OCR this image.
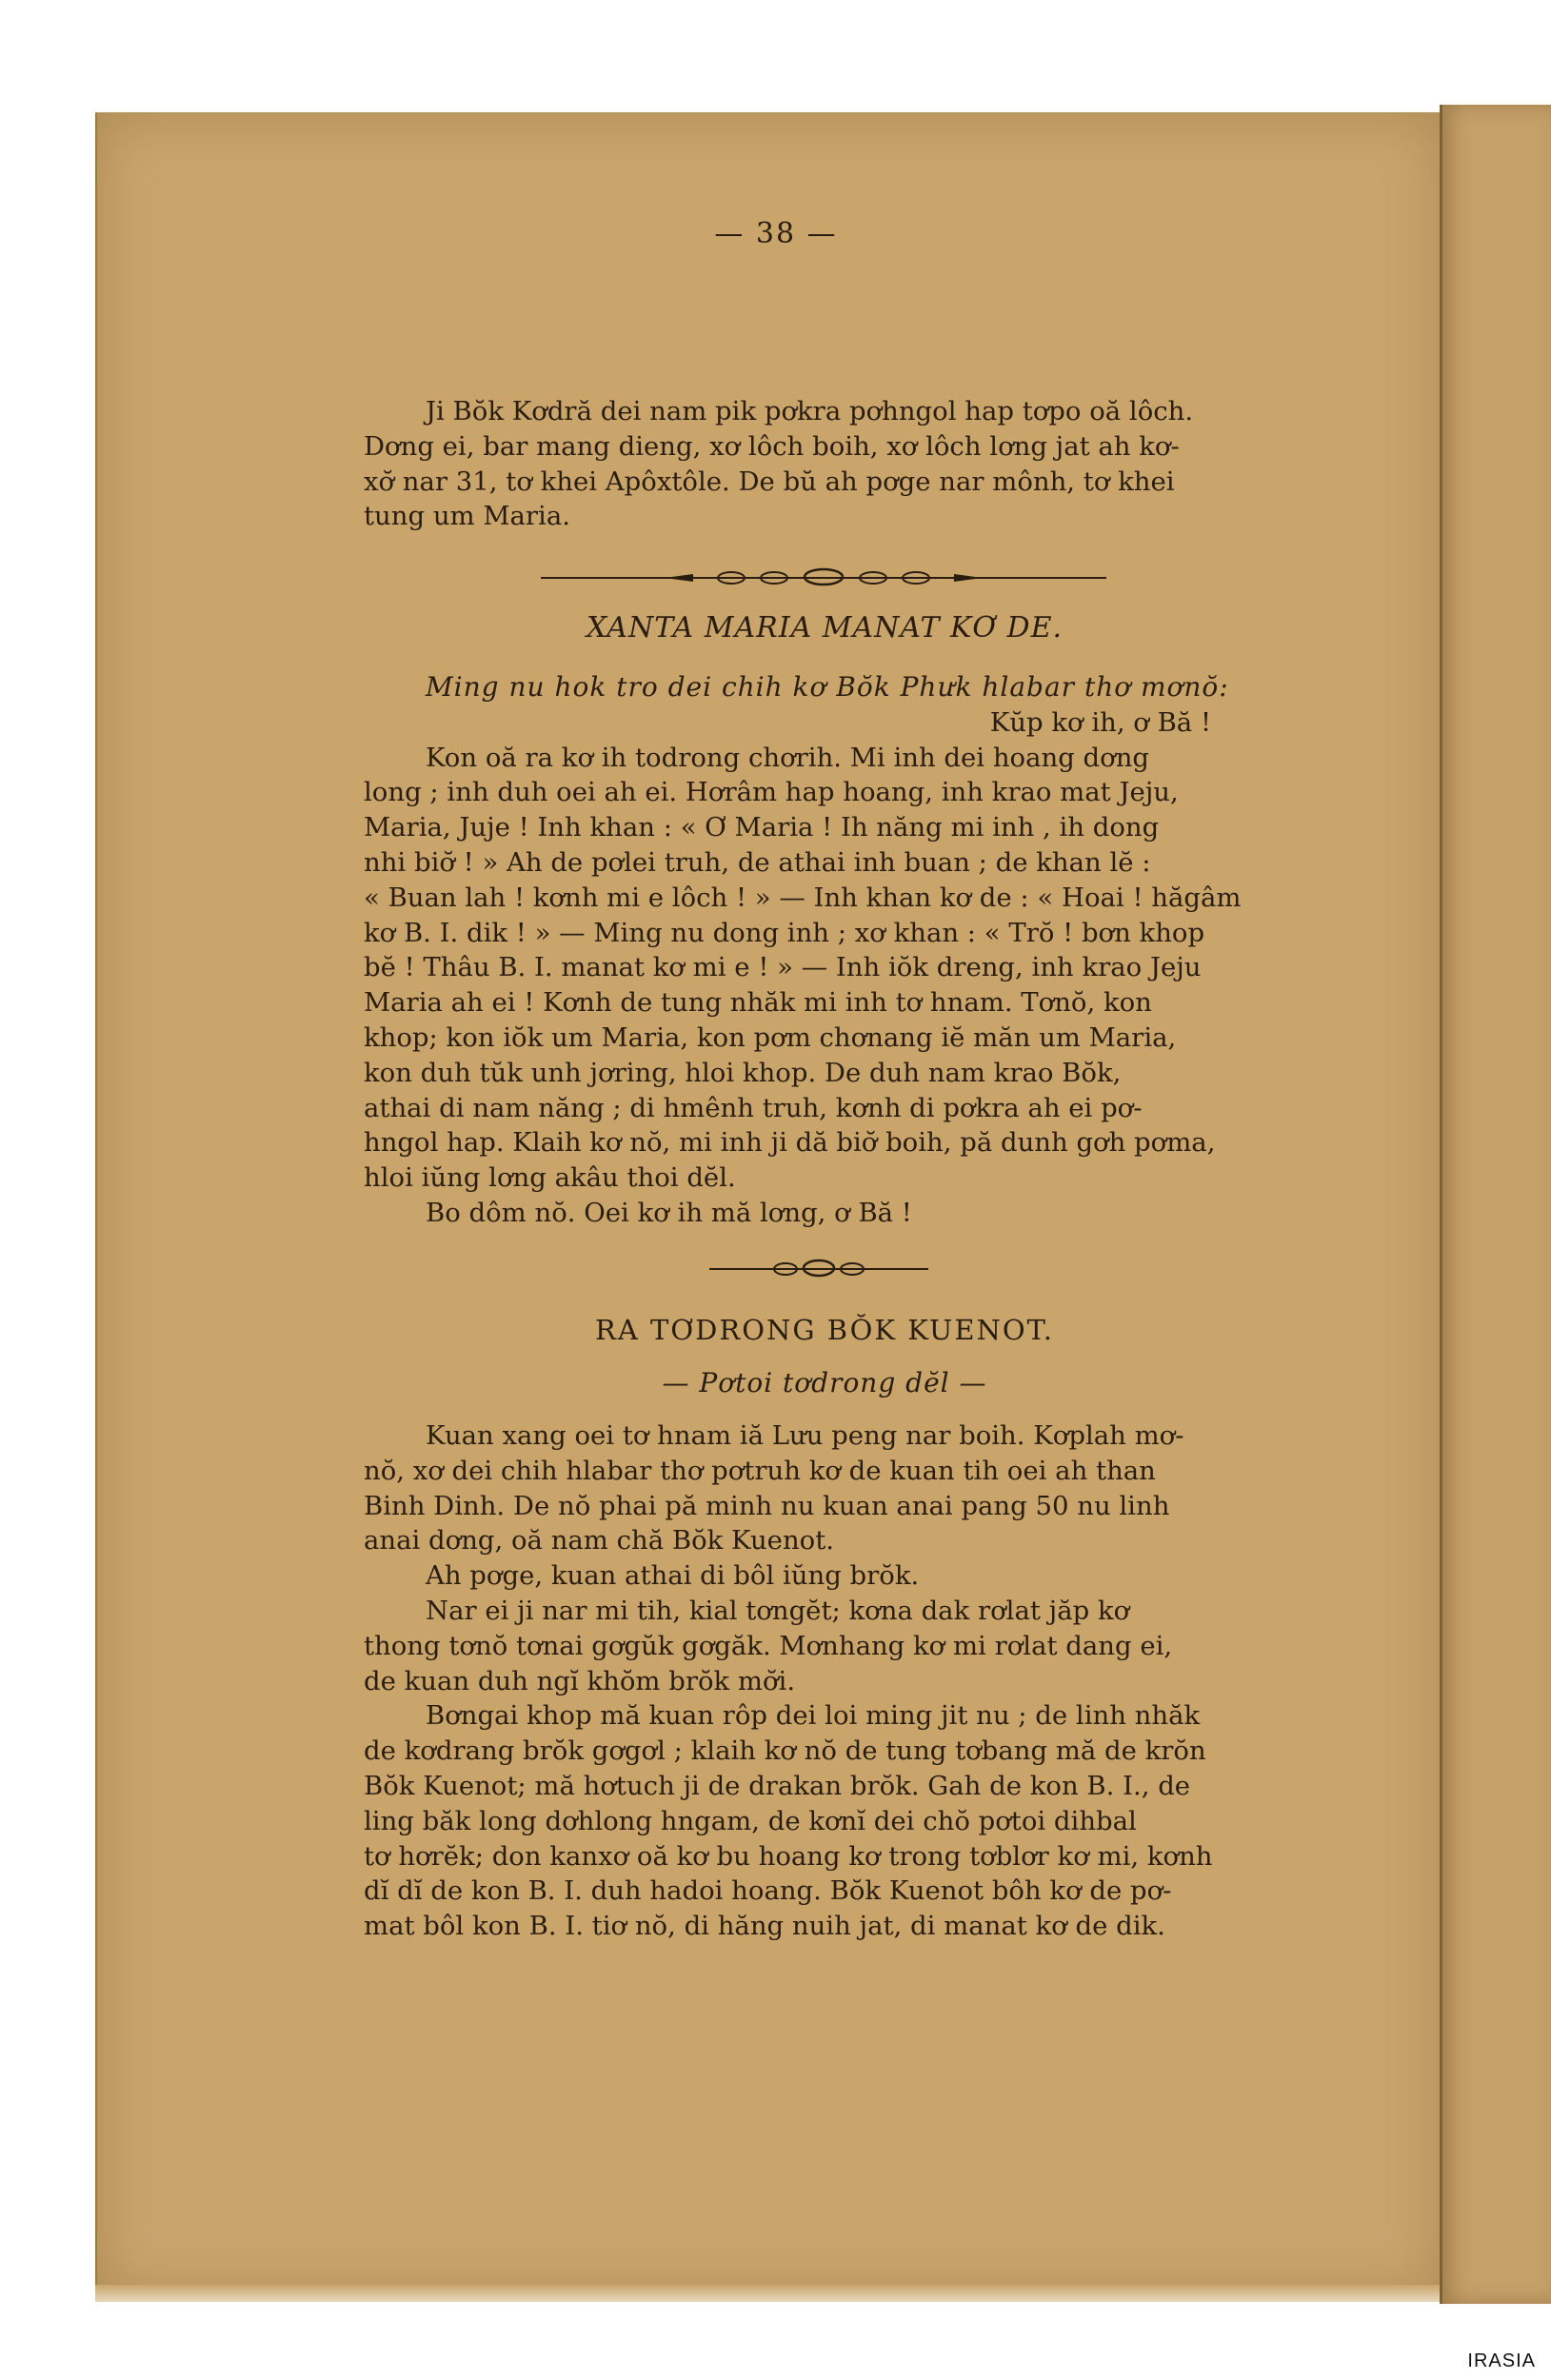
— 38 —

Ji Bŏk Kơdră dei nam pik pơkra pơhngol hap tơpo oă lôch.

Dơng ei, bar mang dieng, xơ lôch boih, xơ lôch lơng jat ah kơ-

xơ̆ nar 31, tơ khei Apôxtôle. De bŭ ah pơge nar mônh, tơ khei

tung um Maria.

XANTA MARIA MANAT KƠ DE.

Ming nu hok tro dei chih kơ Bŏk Phưk hlabar thơ mơnŏ:

Kŭp kơ ih, ơ Bă !

Kon oă ra kơ ih todrong chơrih. Mi inh dei hoang dơng

long ; inh duh oei ah ei. Hơrâm hap hoang, inh krao mat Jeju,

Maria, Juje ! Inh khan : « Ơ Maria ! Ih năng mi inh , ih dong

nhi biơ̆ ! » Ah de pơlei truh, de athai inh buan ; de khan lĕ :

« Buan lah ! kơnh mi e lôch ! » — Inh khan kơ de : « Hoai ! hăgâm

kơ B. I. dik ! » — Ming nu dong inh ; xơ khan : « Trŏ ! bơn khop

bĕ ! Thâu B. I. manat kơ mi e ! » — Inh iŏk dreng, inh krao Jeju

Maria ah ei ! Kơnh de tung nhăk mi inh tơ hnam. Tơnŏ, kon

khop; kon iŏk um Maria, kon pơm chơnang iĕ măn um Maria,

kon duh tŭk unh jơring, hloi khop. De duh nam krao Bŏk,

athai di nam năng ; di hmênh truh, kơnh di pơkra ah ei pơ-

hngol hap. Klaih kơ nŏ, mi inh ji dă biơ̆ boih, pă dunh gơh pơma,

hloi iŭng lơng akâu thoi dĕl.

Bo dôm nŏ. Oei kơ ih mă lơng, ơ Bă !

RA TƠDRONG BŎK KUENOT.
— Pơtoi tơdrong dĕl —

Kuan xang oei tơ hnam iă Lưu peng nar boih. Kơplah mơ-

nŏ, xơ dei chih hlabar thơ pơtruh kơ de kuan tih oei ah than

Binh Dinh. De nŏ phai pă minh nu kuan anai pang 50 nu linh

anai dơng, oă nam chă Bŏk Kuenot.

Ah pơge, kuan athai di bôl iŭng brŏk.

Nar ei ji nar mi tih, kial tơngĕt; kơna dak rơlat jăp kơ

thong tơnŏ tơnai gơgŭk gơgăk. Mơnhang kơ mi rơlat dang ei,

de kuan duh ngĭ khŏm brŏk mơ̆i.

Bơngai khop mă kuan rôp dei loi ming jit nu ; de linh nhăk

de kơdrang brŏk gơgơl ; klaih kơ nŏ de tung tơbang mă de krŏn

Bŏk Kuenot; mă hơtuch ji de drakan brŏk. Gah de kon B. I., de

ling băk long dơhlong hngam, de kơnĭ dei chŏ pơtoi dihbal

tơ hơrĕk; don kanxơ oă kơ bu hoang kơ trong tơblơr kơ mi, kơnh

dĭ dĭ de kon B. I. duh hadoi hoang. Bŏk Kuenot bôh kơ de pơ-

mat bôl kon B. I. tiơ nŏ, di hăng nuih jat, di manat kơ de dik.

IRASIA
